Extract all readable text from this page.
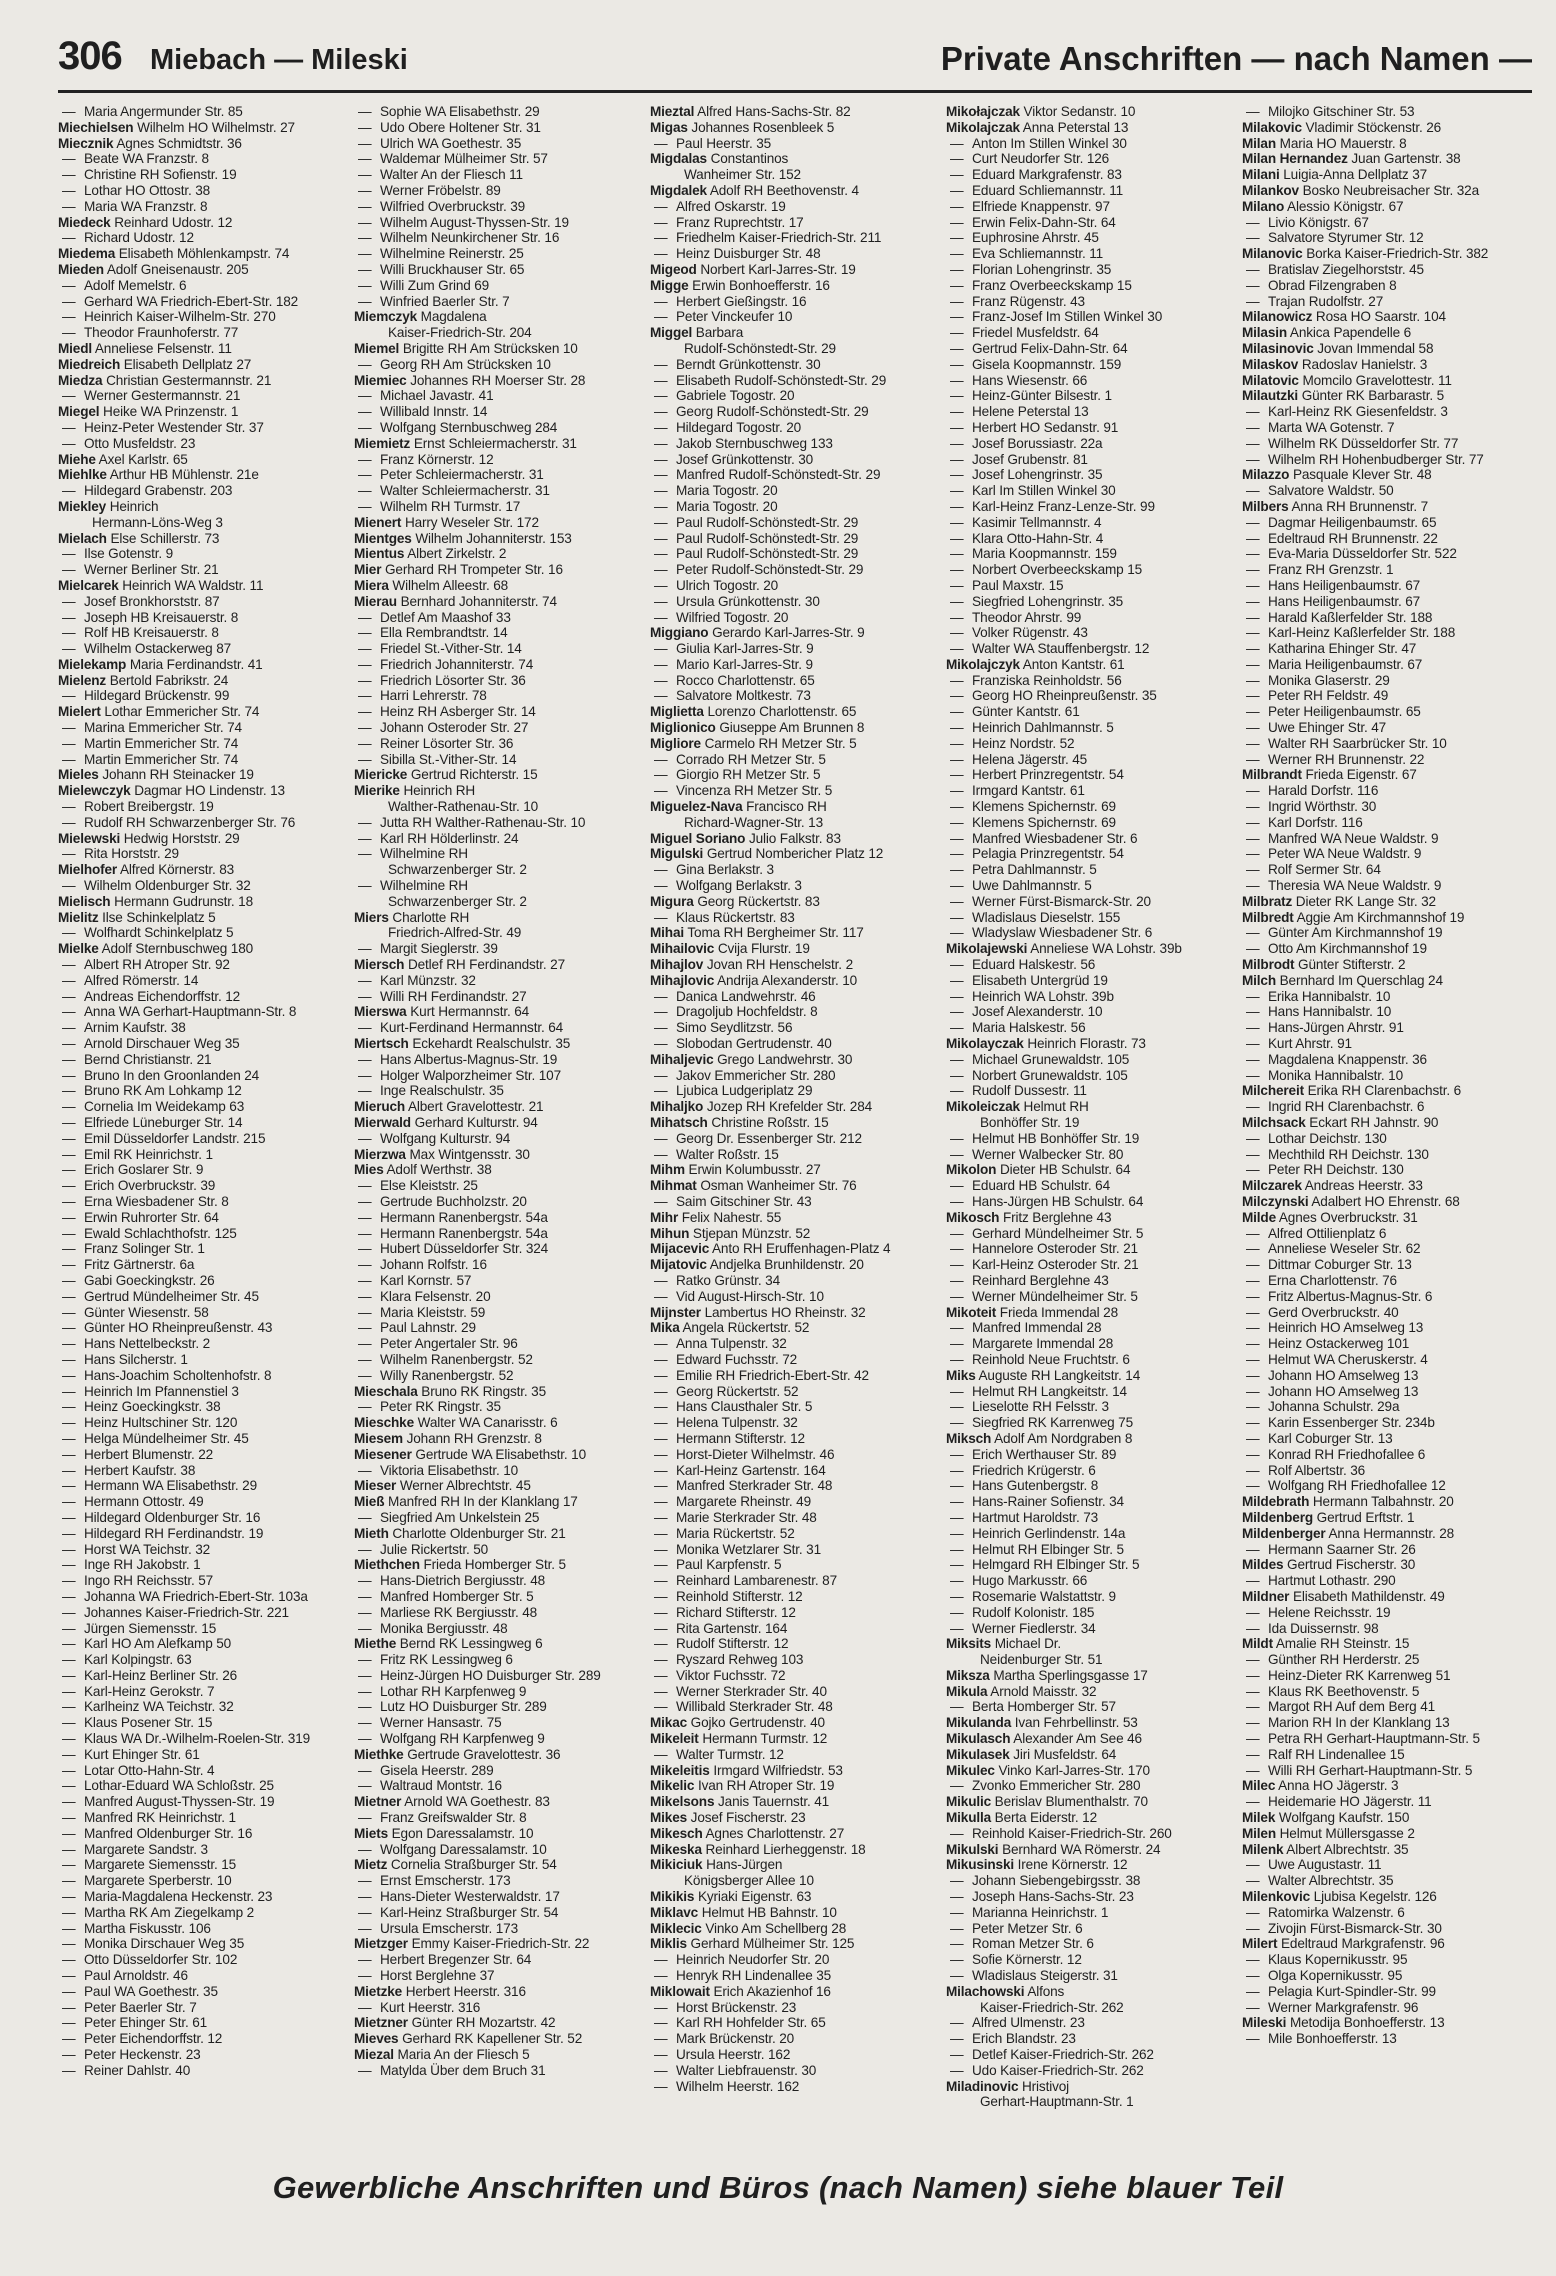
306 Miebach — Mileski	Private Anschriften — nach Namen —
— Maria Angermunder Str. 85
Miechielsen Wilhelm HO Wilhelmstr. 27
Miecznik Agnes Schmidtstr. 36
— Beate WA Franzstr. 8
— Christine RH Sofienstr. 19
— Lothar HO Ottostr. 38
— Maria WA Franzstr. 8
Miedeck Reinhard Udostr. 12
— Richard Udostr. 12
Miedema Elisabeth Möhlenkampstr. 74
Mieden Adolf Gneisenaustr. 205
— Adolf Memelstr. 6
— Gerhard WA Friedrich-Ebert-Str. 182
— Heinrich Kaiser-Wilhelm-Str. 270
— Theodor Fraunhoferstr. 77
Miedl Anneliese Felsenstr. 11
Miedreich Elisabeth Dellplatz 27
Miedza Christian Gestermannstr. 21
— Werner Gestermannstr. 21
Miegel Heike WA Prinzenstr. 1
— Heinz-Peter Westender Str. 37
— Otto Musfeldstr. 23
Miehe Axel Karlstr. 65
Miehlke Arthur HB Mühlenstr. 21e
— Hildegard Grabenstr. 203
Miekley Heinrich
Hermann-Löns-Weg 3
Mielach Else Schillerstr. 73
— Ilse Gotenstr. 9
— Werner Berliner Str. 21
Mielcarek Heinrich WA Waldstr. 11
— Josef Bronkhorststr. 87
— Joseph HB Kreisauerstr. 8
— Rolf HB Kreisauerstr. 8
— Wilhelm Ostackerweg 87
Mielekamp Maria Ferdinandstr. 41
Mielenz Bertold Fabrikstr. 24
— Hildegard Brückenstr. 99
Mielert Lothar Emmericher Str. 74
— Marina Emmericher Str. 74
— Martin Emmericher Str. 74
— Martin Emmericher Str. 74
Mieles Johann RH Steinacker 19
Mielewczyk Dagmar HO Lindenstr. 13
— Robert Breibergstr. 19
— Rudolf RH Schwarzenberger Str. 76
Mielewski Hedwig Horststr. 29
— Rita Horststr. 29
Mielhofer Alfred Körnerstr. 83
— Wilhelm Oldenburger Str. 32
Mielisch Hermann Gudrunstr. 18
Mielitz Ilse Schinkelplatz 5
— Wolfhardt Schinkelplatz 5
Mielke Adolf Sternbuschweg 180
— Albert RH Atroper Str. 92
— Alfred Römerstr. 14
— Andreas Eichendorffstr. 12
— Anna WA Gerhart-Hauptmann-Str. 8
— Arnim Kaufstr. 38
— Arnold Dirschauer Weg 35
— Bernd Christianstr. 21
— Bruno In den Groonlanden 24
— Bruno RK Am Lohkamp 12
— Cornelia Im Weidekamp 63
— Elfriede Lüneburger Str. 14
— Emil Düsseldorfer Landstr. 215
— Emil RK Heinrichstr. 1
— Erich Goslarer Str. 9
— Erich Overbruckstr. 39
— Erna Wiesbadener Str. 8
— Erwin Ruhrorter Str. 64
— Ewald Schlachthofstr. 125
— Franz Solinger Str. 1
— Fritz Gärtnerstr. 6a
— Gabi Goeckingkstr. 26
— Gertrud Mündelheimer Str. 45
— Günter Wiesenstr. 58
— Günter HO Rheinpreußenstr. 43
— Hans Nettelbeckstr. 2
— Hans Silcherstr. 1
— Hans-Joachim Scholtenhofstr. 8
— Heinrich Im Pfannenstiel 3
— Heinz Goeckingkstr. 38
— Heinz Hultschiner Str. 120
— Helga Mündelheimer Str. 45
— Herbert Blumenstr. 22
— Herbert Kaufstr. 38
— Hermann WA Elisabethstr. 29
— Hermann Ottostr. 49
— Hildegard Oldenburger Str. 16
— Hildegard RH Ferdinandstr. 19
— Horst WA Teichstr. 32
— Inge RH Jakobstr. 1
— Ingo RH Reichsstr. 57
— Johanna WA Friedrich-Ebert-Str. 103a
— Johannes Kaiser-Friedrich-Str. 221
— Jürgen Siemensstr. 15
— Karl HO Am Alefkamp 50
— Karl Kolpingstr. 63
— Karl-Heinz Berliner Str. 26
— Karl-Heinz Gerokstr. 7
— Karlheinz WA Teichstr. 32
— Klaus Posener Str. 15
— Klaus WA Dr.-Wilhelm-Roelen-Str. 319
— Kurt Ehinger Str. 61
— Lotar Otto-Hahn-Str. 4
— Lothar-Eduard WA Schloßstr. 25
— Manfred August-Thyssen-Str. 19
— Manfred RK Heinrichstr. 1
— Manfred Oldenburger Str. 16
— Margarete Sandstr. 3
— Margarete Siemensstr. 15
— Margarete Sperberstr. 10
— Maria-Magdalena Heckenstr. 23
— Martha RK Am Ziegelkamp 2
— Martha Fiskusstr. 106
— Monika Dirschauer Weg 35
— Otto Düsseldorfer Str. 102
— Paul Arnoldstr. 46
— Paul WA Goethestr. 35
— Peter Baerler Str. 7
— Peter Ehinger Str. 61
— Peter Eichendorffstr. 12
— Peter Heckenstr. 23
— Reiner Dahlstr. 40
— Sophie WA Elisabethstr. 29
— Udo Obere Holtener Str. 31
— Ulrich WA Goethestr. 35
— Waldemar Mülheimer Str. 57
— Walter An der Fliesch 11
— Werner Fröbelstr. 89
— Wilfried Overbruckstr. 39
— Wilhelm August-Thyssen-Str. 19
— Wilhelm Neunkirchener Str. 16
— Wilhelmine Reinerstr. 25
— Willi Bruckhauser Str. 65
— Willi Zum Grind 69
— Winfried Baerler Str. 7
Miemczyk Magdalena
Kaiser-Friedrich-Str. 204
Miemel Brigitte RH Am Strücksken 10
— Georg RH Am Strücksken 10
Miemiec Johannes RH Moerser Str. 28
— Michael Javastr. 41
— Willibald Innstr. 14
— Wolfgang Sternbuschweg 284
Miemietz Ernst Schleiermacherstr. 31
— Franz Körnerstr. 12
— Peter Schleiermacherstr. 31
— Walter Schleiermacherstr. 31
— Wilhelm RH Turmstr. 17
Mienert Harry Weseler Str. 172
Mientges Wilhelm Johanniterstr. 153
Mientus Albert Zirkelstr. 2
Mier Gerhard RH Trompeter Str. 16
Miera Wilhelm Alleestr. 68
Mierau Bernhard Johanniterstr. 74
— Detlef Am Maashof 33
— Ella Rembrandtstr. 14
— Friedel St.-Vither-Str. 14
— Friedrich Johanniterstr. 74
— Friedrich Lösorter Str. 36
— Harri Lehrerstr. 78
— Heinz RH Asberger Str. 14
— Johann Osteroder Str. 27
— Reiner Lösorter Str. 36
— Sibilla St.-Vither-Str. 14
Miericke Gertrud Richterstr. 15
Mierike Heinrich RH
Walther-Rathenau-Str. 10
— Jutta RH Walther-Rathenau-Str. 10
— Karl RH Hölderlinstr. 24
— Wilhelmine RH
Schwarzenberger Str. 2
— Wilhelmine RH
Schwarzenberger Str. 2
Miers Charlotte RH
Friedrich-Alfred-Str. 49
— Margit Sieglerstr. 39
Miersch Detlef RH Ferdinandstr. 27
— Karl Münzstr. 32
— Willi RH Ferdinandstr. 27
Mierswa Kurt Hermannstr. 64
— Kurt-Ferdinand Hermannstr. 64
Miertsch Eckehardt Realschulstr. 35
— Hans Albertus-Magnus-Str. 19
— Holger Walporzheimer Str. 107
— Inge Realschulstr. 35
Mieruch Albert Gravelottestr. 21
Mierwald Gerhard Kulturstr. 94
— Wolfgang Kulturstr. 94
Mierzwa Max Wintgensstr. 30
Mies Adolf Werthstr. 38
— Else Kleiststr. 25
— Gertrude Buchholzstr. 20
— Hermann Ranenbergstr. 54a
— Hermann Ranenbergstr. 54a
— Hubert Düsseldorfer Str. 324
— Johann Rolfstr. 16
— Karl Kornstr. 57
— Klara Felsenstr. 20
— Maria Kleiststr. 59
— Paul Lahnstr. 29
— Peter Angertaler Str. 96
— Wilhelm Ranenbergstr. 52
— Willy Ranenbergstr. 52
Mieschala Bruno RK Ringstr. 35
— Peter RK Ringstr. 35
Mieschke Walter WA Canarisstr. 6
Miesem Johann RH Grenzstr. 8
Miesener Gertrude WA Elisabethstr. 10
— Viktoria Elisabethstr. 10
Mieser Werner Albrechtstr. 45
Mieß Manfred RH In der Klanklang 17
— Siegfried Am Unkelstein 25
Mieth Charlotte Oldenburger Str. 21
— Julie Rickertstr. 50
Miethchen Frieda Homberger Str. 5
— Hans-Dietrich Bergiusstr. 48
— Manfred Homberger Str. 5
— Marliese RK Bergiusstr. 48
— Monika Bergiusstr. 48
Miethe Bernd RK Lessingweg 6
— Fritz RK Lessingweg 6
— Heinz-Jürgen HO Duisburger Str. 289
— Lothar RH Karpfenweg 9
— Lutz HO Duisburger Str. 289
— Werner Hansastr. 75
— Wolfgang RH Karpfenweg 9
Miethke Gertrude Gravelottestr. 36
— Gisela Heerstr. 289
— Waltraud Montstr. 16
Mietner Arnold WA Goethestr. 83
— Franz Greifswalder Str. 8
Miets Egon Daressalamstr. 10
— Wolfgang Daressalamstr. 10
Mietz Cornelia Straßburger Str. 54
— Ernst Emscherstr. 173
— Hans-Dieter Westerwaldstr. 17
— Karl-Heinz Straßburger Str. 54
— Ursula Emscherstr. 173
Mietzger Emmy Kaiser-Friedrich-Str. 22
— Herbert Bregenzer Str. 64
— Horst Berglehne 37
Mietzke Herbert Heerstr. 316
— Kurt Heerstr. 316
Mietzner Günter RH Mozartstr. 42
Mieves Gerhard RK Kapellener Str. 52
Miezal Maria An der Fliesch 5
— Matylda Über dem Bruch 31
Mieztal Alfred Hans-Sachs-Str. 82
Migas Johannes Rosenbleek 5
— Paul Heerstr. 35
Migdalas Constantinos
Wanheimer Str. 152
Migdalek Adolf RH Beethovenstr. 4
— Alfred Oskarstr. 19
— Franz Ruprechtstr. 17
— Friedhelm Kaiser-Friedrich-Str. 211
— Heinz Duisburger Str. 48
Migeod Norbert Karl-Jarres-Str. 19
Migge Erwin Bonhoefferstr. 16
— Herbert Gießingstr. 16
— Peter Vinckeufer 10
Miggel Barbara
Rudolf-Schönstedt-Str. 29
— Berndt Grünkottenstr. 30
— Elisabeth Rudolf-Schönstedt-Str. 29
— Gabriele Togostr. 20
— Georg Rudolf-Schönstedt-Str. 29
— Hildegard Togostr. 20
— Jakob Sternbuschweg 133
— Josef Grünkottenstr. 30
— Manfred Rudolf-Schönstedt-Str. 29
— Maria Togostr. 20
— Maria Togostr. 20
— Paul Rudolf-Schönstedt-Str. 29
— Paul Rudolf-Schönstedt-Str. 29
— Paul Rudolf-Schönstedt-Str. 29
— Peter Rudolf-Schönstedt-Str. 29
— Ulrich Togostr. 20
— Ursula Grünkottenstr. 30
— Wilfried Togostr. 20
Miggiano Gerardo Karl-Jarres-Str. 9
— Giulia Karl-Jarres-Str. 9
— Mario Karl-Jarres-Str. 9
— Rocco Charlottenstr. 65
— Salvatore Moltkestr. 73
Miglietta Lorenzo Charlottenstr. 65
Miglionico Giuseppe Am Brunnen 8
Migliore Carmelo RH Metzer Str. 5
— Corrado RH Metzer Str. 5
— Giorgio RH Metzer Str. 5
— Vincenza RH Metzer Str. 5
Miguelez-Nava Francisco RH
Richard-Wagner-Str. 13
Miguel Soriano Julio Falkstr. 83
Migulski Gertrud Nombericher Platz 12
— Gina Berlakstr. 3
— Wolfgang Berlakstr. 3
Migura Georg Rückertstr. 83
— Klaus Rückertstr. 83
Mihai Toma RH Bergheimer Str. 117
Mihailovic Cvija Flurstr. 19
Mihajlov Jovan RH Henschelstr. 2
Mihajlovic Andrija Alexanderstr. 10
— Danica Landwehrstr. 46
— Dragoljub Hochfeldstr. 8
— Simo Seydlitzstr. 56
— Slobodan Gertrudenstr. 40
Mihaljevic Grego Landwehrstr. 30
— Jakov Emmericher Str. 280
— Ljubica Ludgeriplatz 29
Mihaljko Jozep RH Krefelder Str. 284
Mihatsch Christine Roßstr. 15
— Georg Dr. Essenberger Str. 212
— Walter Roßstr. 15
Mihm Erwin Kolumbusstr. 27
Mihmat Osman Wanheimer Str. 76
— Saim Gitschiner Str. 43
Mihr Felix Nahestr. 55
Mihun Stjepan Münzstr. 52
Mijacevic Anto RH Eruffenhagen-Platz 4
Mijatovic Andjelka Brunhildenstr. 20
— Ratko Grünstr. 34
— Vid August-Hirsch-Str. 10
Mijnster Lambertus HO Rheinstr. 32
Mika Angela Rückertstr. 52
— Anna Tulpenstr. 32
— Edward Fuchsstr. 72
— Emilie RH Friedrich-Ebert-Str. 42
— Georg Rückertstr. 52
— Hans Clausthaler Str. 5
— Helena Tulpenstr. 32
— Hermann Stifterstr. 12
— Horst-Dieter Wilhelmstr. 46
— Karl-Heinz Gartenstr. 164
— Manfred Sterkrader Str. 48
— Margarete Rheinstr. 49
— Marie Sterkrader Str. 48
— Maria Rückertstr. 52
— Monika Wetzlarer Str. 31
— Paul Karpfenstr. 5
— Reinhard Lambarenestr. 87
— Reinhold Stifterstr. 12
— Richard Stifterstr. 12
— Rita Gartenstr. 164
— Rudolf Stifterstr. 12
— Ryszard Rehweg 103
— Viktor Fuchsstr. 72
— Werner Sterkrader Str. 40
— Willibald Sterkrader Str. 48
Mikac Gojko Gertrudenstr. 40
Mikeleit Hermann Turmstr. 12
— Walter Turmstr. 12
Mikeleitis Irmgard Wilfriedstr. 53
Mikelic Ivan RH Atroper Str. 19
Mikelsons Janis Tauernstr. 41
Mikes Josef Fischerstr. 23
Mikesch Agnes Charlottenstr. 27
Mikeska Reinhard Lierheggenstr. 18
Mikiciuk Hans-Jürgen
Königsberger Allee 10
Mikikis Kyriaki Eigenstr. 63
Miklavc Helmut HB Bahnstr. 10
Miklecic Vinko Am Schellberg 28
Miklis Gerhard Mülheimer Str. 125
— Heinrich Neudorfer Str. 20
— Henryk RH Lindenallee 35
Miklowait Erich Akazienhof 16
— Horst Brückenstr. 23
— Karl RH Hohfelder Str. 65
— Mark Brückenstr. 20
— Ursula Heerstr. 162
— Walter Liebfrauenstr. 30
— Wilhelm Heerstr. 162
Mikołajczak Viktor Sedanstr. 10
Mikolajczak Anna Peterstal 13
— Anton Im Stillen Winkel 30
— Curt Neudorfer Str. 126
— Eduard Markgrafenstr. 83
— Eduard Schliemannstr. 11
— Elfriede Knappenstr. 97
— Erwin Felix-Dahn-Str. 64
— Euphrosine Ahrstr. 45
— Eva Schliemannstr. 11
— Florian Lohengrinstr. 35
— Franz Overbeeckskamp 15
— Franz Rügenstr. 43
— Franz-Josef Im Stillen Winkel 30
— Friedel Musfeldstr. 64
— Gertrud Felix-Dahn-Str. 64
— Gisela Koopmannstr. 159
— Hans Wiesenstr. 66
— Heinz-Günter Bilsestr. 1
— Helene Peterstal 13
— Herbert HO Sedanstr. 91
— Josef Borussiastr. 22a
— Josef Grubenstr. 81
— Josef Lohengrinstr. 35
— Karl Im Stillen Winkel 30
— Karl-Heinz Franz-Lenze-Str. 99
— Kasimir Tellmannstr. 4
— Klara Otto-Hahn-Str. 4
— Maria Koopmannstr. 159
— Norbert Overbeeckskamp 15
— Paul Maxstr. 15
— Siegfried Lohengrinstr. 35
— Theodor Ahrstr. 99
— Volker Rügenstr. 43
— Walter WA Stauffenbergstr. 12
Mikolajczyk Anton Kantstr. 61
— Franziska Reinholdstr. 56
— Georg HO Rheinpreußenstr. 35
— Günter Kantstr. 61
— Heinrich Dahlmannstr. 5
— Heinz Nordstr. 52
— Helena Jägerstr. 45
— Herbert Prinzregentstr. 54
— Irmgard Kantstr. 61
— Klemens Spichernstr. 69
— Klemens Spichernstr. 69
— Manfred Wiesbadener Str. 6
— Pelagia Prinzregentstr. 54
— Petra Dahlmannstr. 5
— Uwe Dahlmannstr. 5
— Werner Fürst-Bismarck-Str. 20
— Wladislaus Dieselstr. 155
— Wladyslaw Wiesbadener Str. 6
Mikolajewski Anneliese WA Lohstr. 39b
— Eduard Halskestr. 56
— Elisabeth Untergrüd 19
— Heinrich WA Lohstr. 39b
— Josef Alexanderstr. 10
— Maria Halskestr. 56
Mikolayczak Heinrich Florastr. 73
— Michael Grunewaldstr. 105
— Norbert Grunewaldstr. 105
— Rudolf Dussestr. 11
Mikoleiczak Helmut RH
Bonhöffer Str. 19
— Helmut HB Bonhöffer Str. 19
— Werner Walbecker Str. 80
Mikolon Dieter HB Schulstr. 64
— Eduard HB Schulstr. 64
— Hans-Jürgen HB Schulstr. 64
Mikosch Fritz Berglehne 43
— Gerhard Mündelheimer Str. 5
— Hannelore Osteroder Str. 21
— Karl-Heinz Osteroder Str. 21
— Reinhard Berglehne 43
— Werner Mündelheimer Str. 5
Mikoteit Frieda Immendal 28
— Manfred Immendal 28
— Margarete Immendal 28
— Reinhold Neue Fruchtstr. 6
Miks Auguste RH Langkeitstr. 14
— Helmut RH Langkeitstr. 14
— Lieselotte RH Felsstr. 3
— Siegfried RK Karrenweg 75
Miksch Adolf Am Nordgraben 8
— Erich Werthauser Str. 89
— Friedrich Krügerstr. 6
— Hans Gutenbergstr. 8
— Hans-Rainer Sofienstr. 34
— Hartmut Haroldstr. 73
— Heinrich Gerlindenstr. 14a
— Helmut RH Elbinger Str. 5
— Helmgard RH Elbinger Str. 5
— Hugo Markusstr. 66
— Rosemarie Walstattstr. 9
— Rudolf Kolonistr. 185
— Werner Fiedlerstr. 34
Miksits Michael Dr.
Neidenburger Str. 51
Miksza Martha Sperlingsgasse 17
Mikula Arnold Maisstr. 32
— Berta Homberger Str. 57
Mikulanda Ivan Fehrbellinstr. 53
Mikulasch Alexander Am See 46
Mikulasek Jiri Musfeldstr. 64
Mikulec Vinko Karl-Jarres-Str. 170
— Zvonko Emmericher Str. 280
Mikulic Berislav Blumenthalstr. 70
Mikulla Berta Eiderstr. 12
— Reinhold Kaiser-Friedrich-Str. 260
Mikulski Bernhard WA Römerstr. 24
Mikusinski Irene Körnerstr. 12
— Johann Siebengebirgsstr. 38
— Joseph Hans-Sachs-Str. 23
— Marianna Heinrichstr. 1
— Peter Metzer Str. 6
— Roman Metzer Str. 6
— Sofie Körnerstr. 12
— Wladislaus Steigerstr. 31
Milachowski Alfons
Kaiser-Friedrich-Str. 262
— Alfred Ulmenstr. 23
— Erich Blandstr. 23
— Detlef Kaiser-Friedrich-Str. 262
— Udo Kaiser-Friedrich-Str. 262
Miladinovic Hristivoj
Gerhart-Hauptmann-Str. 1
— Milojko Gitschiner Str. 53
Milakovic Vladimir Stöckenstr. 26
Milan Maria HO Mauerstr. 8
Milan Hernandez Juan Gartenstr. 38
Milani Luigia-Anna Dellplatz 37
Milankov Bosko Neubreisacher Str. 32a
Milano Alessio Königstr. 67
— Livio Königstr. 67
— Salvatore Styrumer Str. 12
Milanovic Borka Kaiser-Friedrich-Str. 382
— Bratislav Ziegelhorststr. 45
— Obrad Filzengraben 8
— Trajan Rudolfstr. 27
Milanowicz Rosa HO Saarstr. 104
Milasin Ankica Papendelle 6
Milasinovic Jovan Immendal 58
Milaskov Radoslav Hanielstr. 3
Milatovic Momcilo Gravelottestr. 11
Milautzki Günter RK Barbarastr. 5
— Karl-Heinz RK Giesenfeldstr. 3
— Marta WA Gotenstr. 7
— Wilhelm RK Düsseldorfer Str. 77
— Wilhelm RH Hohenbudberger Str. 77
Milazzo Pasquale Klever Str. 48
— Salvatore Waldstr. 50
Milbers Anna RH Brunnenstr. 7
— Dagmar Heiligenbaumstr. 65
— Edeltraud RH Brunnenstr. 22
— Eva-Maria Düsseldorfer Str. 522
— Franz RH Grenzstr. 1
— Hans Heiligenbaumstr. 67
— Hans Heiligenbaumstr. 67
— Harald Kaßlerfelder Str. 188
— Karl-Heinz Kaßlerfelder Str. 188
— Katharina Ehinger Str. 47
— Maria Heiligenbaumstr. 67
— Monika Glaserstr. 29
— Peter RH Feldstr. 49
— Peter Heiligenbaumstr. 65
— Uwe Ehinger Str. 47
— Walter RH Saarbrücker Str. 10
— Werner RH Brunnenstr. 22
Milbrandt Frieda Eigenstr. 67
— Harald Dorfstr. 116
— Ingrid Wörthstr. 30
— Karl Dorfstr. 116
— Manfred WA Neue Waldstr. 9
— Peter WA Neue Waldstr. 9
— Rolf Sermer Str. 64
— Theresia WA Neue Waldstr. 9
Milbratz Dieter RK Lange Str. 32
Milbredt Aggie Am Kirchmannshof 19
— Günter Am Kirchmannshof 19
— Otto Am Kirchmannshof 19
Milbrodt Günter Stifterstr. 2
Milch Bernhard Im Querschlag 24
— Erika Hannibalstr. 10
— Hans Hannibalstr. 10
— Hans-Jürgen Ahrstr. 91
— Kurt Ahrstr. 91
— Magdalena Knappenstr. 36
— Monika Hannibalstr. 10
Milchereit Erika RH Clarenbachstr. 6
— Ingrid RH Clarenbachstr. 6
Milchsack Eckart RH Jahnstr. 90
— Lothar Deichstr. 130
— Mechthild RH Deichstr. 130
— Peter RH Deichstr. 130
Milczarek Andreas Heerstr. 33
Milczynski Adalbert HO Ehrenstr. 68
Milde Agnes Overbruckstr. 31
— Alfred Ottilienplatz 6
— Anneliese Weseler Str. 62
— Dittmar Coburger Str. 13
— Erna Charlottenstr. 76
— Fritz Albertus-Magnus-Str. 6
— Gerd Overbruckstr. 40
— Heinrich HO Amselweg 13
— Heinz Ostackerweg 101
— Helmut WA Cheruskerstr. 4
— Johann HO Amselweg 13
— Johann HO Amselweg 13
— Johanna Schulstr. 29a
— Karin Essenberger Str. 234b
— Karl Coburger Str. 13
— Konrad RH Friedhofallee 6
— Rolf Albertstr. 36
— Wolfgang RH Friedhofallee 12
Mildebrath Hermann Talbahnstr. 20
Mildenberg Gertrud Erftstr. 1
Mildenberger Anna Hermannstr. 28
— Hermann Saarner Str. 26
Mildes Gertrud Fischerstr. 30
— Hartmut Lothastr. 290
Mildner Elisabeth Mathildenstr. 49
— Helene Reichsstr. 19
— Ida Duissernstr. 98
Mildt Amalie RH Steinstr. 15
— Günther RH Herderstr. 25
— Heinz-Dieter RK Karrenweg 51
— Klaus RK Beethovenstr. 5
— Margot RH Auf dem Berg 41
— Marion RH In der Klanklang 13
— Petra RH Gerhart-Hauptmann-Str. 5
— Ralf RH Lindenallee 15
— Willi RH Gerhart-Hauptmann-Str. 5
Milec Anna HO Jägerstr. 3
— Heidemarie HO Jägerstr. 11
Milek Wolfgang Kaufstr. 150
Milen Helmut Müllersgasse 2
Milenk Albert Albrechtstr. 35
— Uwe Augustastr. 11
— Walter Albrechtstr. 35
Milenkovic Ljubisa Kegelstr. 126
— Ratomirka Walzenstr. 6
— Zivojin Fürst-Bismarck-Str. 30
Milert Edeltraud Markgrafenstr. 96
— Klaus Kopernikusstr. 95
— Olga Kopernikusstr. 95
— Pelagia Kurt-Spindler-Str. 99
— Werner Markgrafenstr. 96
Mileski Metodija Bonhoefferstr. 13
— Mile Bonhoefferstr. 13
Gewerbliche Anschriften und Büros (nach Namen) siehe blauer Teil
